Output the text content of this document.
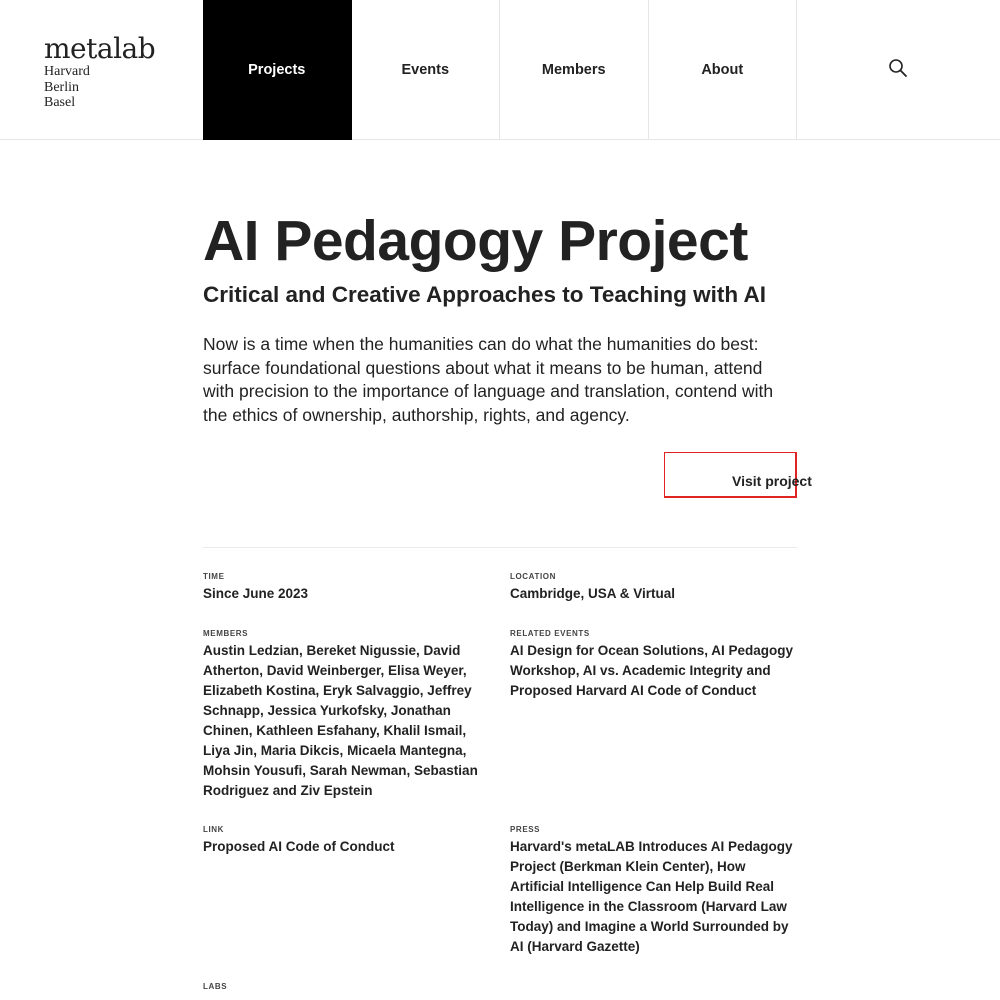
metalab
Harvard
Berlin
Basel
Projects	Events	Members	About
AI Pedagogy Project
Critical and Creative Approaches to Teaching with AI

Now is a time when the humanities can do what the humanities do best: surface foundational questions about what it means to be human, attend with precision to the importance of language and translation, contend with the ethics of ownership, authorship, rights, and agency.

Visit project
TIME
Since June 2023
LOCATION
Cambridge, USA & Virtual
MEMBERS
Austin Ledzian, Bereket Nigussie, David Atherton, David Weinberger, Elisa Weyer, Elizabeth Kostina, Eryk Salvaggio, Jeffrey Schnapp, Jessica Yurkofsky, Jonathan Chinen, Kathleen Esfahany, Khalil Ismail, Liya Jin, Maria Dikcis, Micaela Mantegna, Mohsin Yousufi, Sarah Newman, Sebastian Rodriguez and Ziv Epstein
RELATED EVENTS
AI Design for Ocean Solutions, AI Pedagogy Workshop, AI vs. Academic Integrity and Proposed Harvard AI Code of Conduct
LINK
Proposed AI Code of Conduct
PRESS
Harvard's metaLAB Introduces AI Pedagogy Project (Berkman Klein Center), How Artificial Intelligence Can Help Build Real Intelligence in the Classroom (Harvard Law Today) and Imagine a World Surrounded by AI (Harvard Gazette)
LABS
